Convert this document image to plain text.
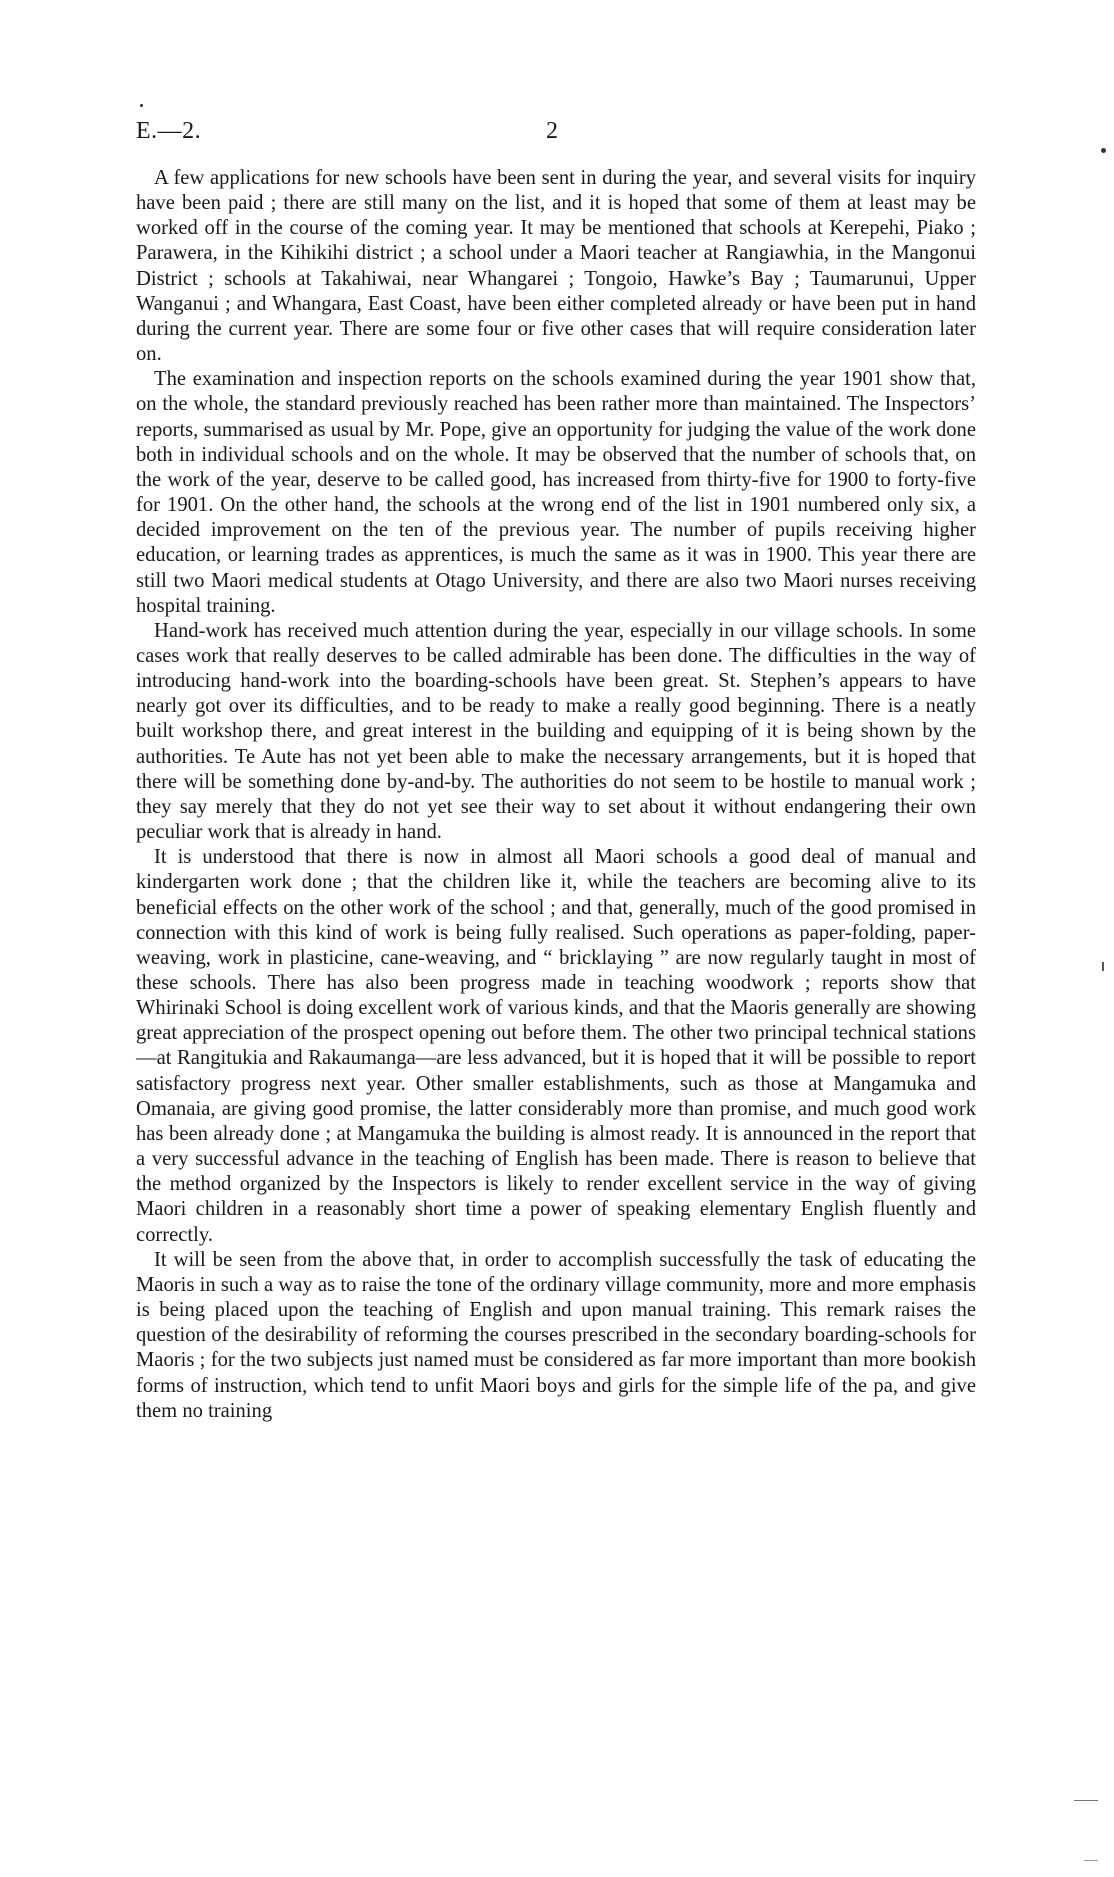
E.—2.	2

A few applications for new schools have been sent in during the year, and several visits for inquiry have been paid ; there are still many on the list, and it is hoped that some of them at least may be worked off in the course of the coming year. It may be mentioned that schools at Kerepehi, Piako ; Parawera, in the Kihikihi district ; a school under a Maori teacher at Rangiawhia, in the Mangonui District ; schools at Takahiwai, near Whangarei ; Tongoio, Hawke’s Bay ; Taumarunui, Upper Wanganui ; and Whangara, East Coast, have been either completed already or have been put in hand during the current year. There are some four or five other cases that will require consideration later on.

The examination and inspection reports on the schools examined during the year 1901 show that, on the whole, the standard previously reached has been rather more than maintained. The Inspectors’ reports, summarised as usual by Mr. Pope, give an opportunity for judging the value of the work done both in individual schools and on the whole. It may be observed that the number of schools that, on the work of the year, deserve to be called good, has increased from thirty-five for 1900 to forty-five for 1901. On the other hand, the schools at the wrong end of the list in 1901 numbered only six, a decided improvement on the ten of the previous year. The number of pupils receiving higher education, or learning trades as apprentices, is much the same as it was in 1900. This year there are still two Maori medical students at Otago University, and there are also two Maori nurses receiving hospital training.

Hand-work has received much attention during the year, especially in our village schools. In some cases work that really deserves to be called admirable has been done. The difficulties in the way of introducing hand-work into the boarding-schools have been great. St. Stephen’s appears to have nearly got over its difficulties, and to be ready to make a really good beginning. There is a neatly built workshop there, and great interest in the building and equipping of it is being shown by the authorities. Te Aute has not yet been able to make the necessary arrangements, but it is hoped that there will be something done by-and-by. The authorities do not seem to be hostile to manual work ; they say merely that they do not yet see their way to set about it without endangering their own peculiar work that is already in hand.

It is understood that there is now in almost all Maori schools a good deal of manual and kindergarten work done ; that the children like it, while the teachers are becoming alive to its beneficial effects on the other work of the school ; and that, generally, much of the good promised in connection with this kind of work is being fully realised. Such operations as paper-folding, paper-weaving, work in plasticine, cane-weaving, and “ bricklaying ” are now regularly taught in most of these schools. There has also been progress made in teaching woodwork ; reports show that Whirinaki School is doing excellent work of various kinds, and that the Maoris generally are showing great appreciation of the prospect opening out before them. The other two principal technical stations—at Rangitukia and Rakaumanga—are less advanced, but it is hoped that it will be possible to report satisfactory progress next year. Other smaller establishments, such as those at Mangamuka and Omanaia, are giving good promise, the latter considerably more than promise, and much good work has been already done ; at Mangamuka the building is almost ready. It is announced in the report that a very successful advance in the teaching of English has been made. There is reason to believe that the method organized by the Inspectors is likely to render excellent service in the way of giving Maori children in a reasonably short time a power of speaking elementary English fluently and correctly.

It will be seen from the above that, in order to accomplish successfully the task of educating the Maoris in such a way as to raise the tone of the ordinary village community, more and more emphasis is being placed upon the teaching of English and upon manual training. This remark raises the question of the desirability of reforming the courses prescribed in the secondary boarding-schools for Maoris ; for the two subjects just named must be considered as far more important than more bookish forms of instruction, which tend to unfit Maori boys and girls for the simple life of the pa, and give them no training
